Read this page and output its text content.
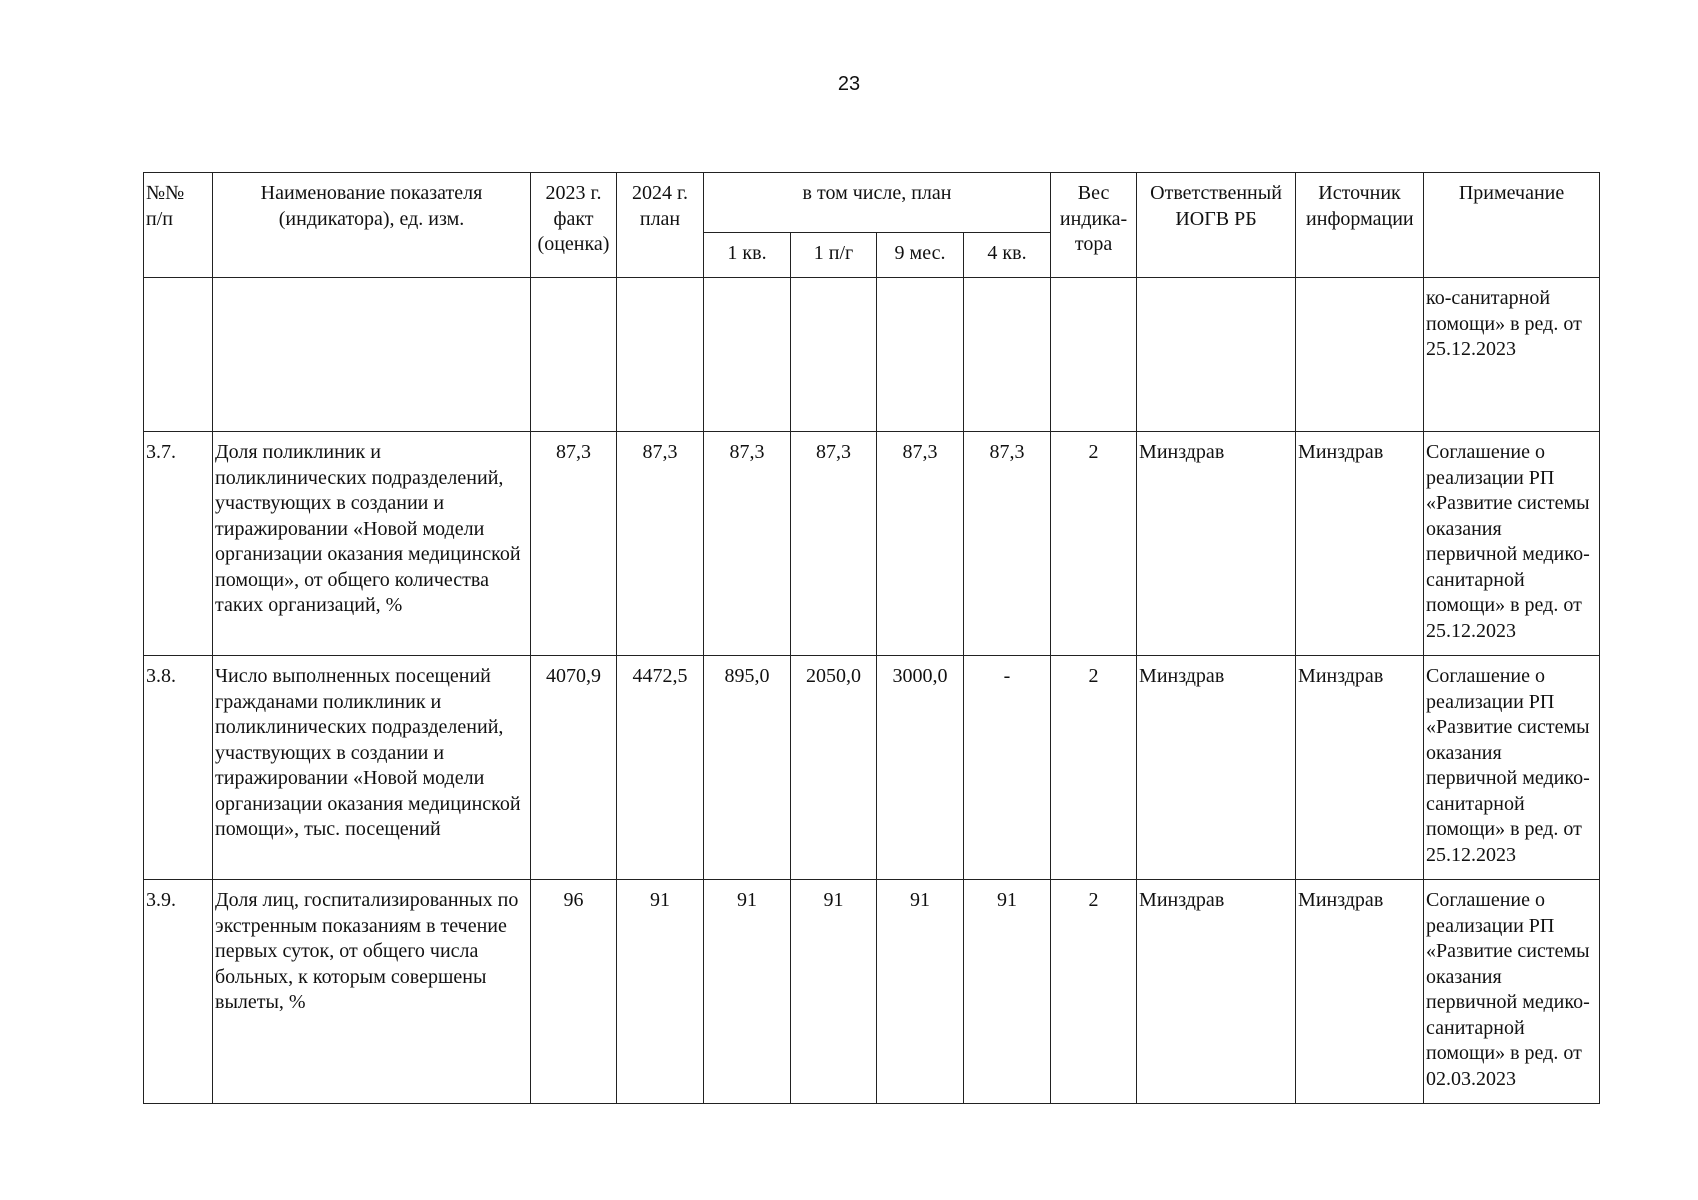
23
№№
п/п	Наименование показателя (индикатора), ед. изм.	2023 г. факт (оценка)	2024 г. план	в том числе, план				Вес индика-тора	Ответственный ИОГВ РБ	Источник информации	Примечание
				1 кв.	1 п/г	9 мес.	4 кв.				
											ко-санитарной помощи» в ред. от 25.12.2023
3.7.	Доля поликлиник и поликлинических подразделений, участвующих в создании и тиражировании «Новой модели организации оказания медицинской помощи», от общего количества таких организаций, %	87,3	87,3	87,3	87,3	87,3	87,3	2	Минздрав	Минздрав	Соглашение о реализации РП «Развитие системы оказания первичной медико-санитарной помощи» в ред. от 25.12.2023
3.8.	Число выполненных посещений гражданами поликлиник и поликлинических подразделений, участвующих в создании и тиражировании «Новой модели организации оказания медицинской помощи», тыс. посещений	4070,9	4472,5	895,0	2050,0	3000,0	-	2	Минздрав	Минздрав	Соглашение о реализации РП «Развитие системы оказания первичной медико-санитарной помощи» в ред. от 25.12.2023
3.9.	Доля лиц, госпитализированных по экстренным показаниям в течение первых суток, от общего числа больных, к которым совершены вылеты, %	96	91	91	91	91	91	2	Минздрав	Минздрав	Соглашение о реализации РП «Развитие системы оказания первичной медико-санитарной помощи» в ред. от 02.03.2023
